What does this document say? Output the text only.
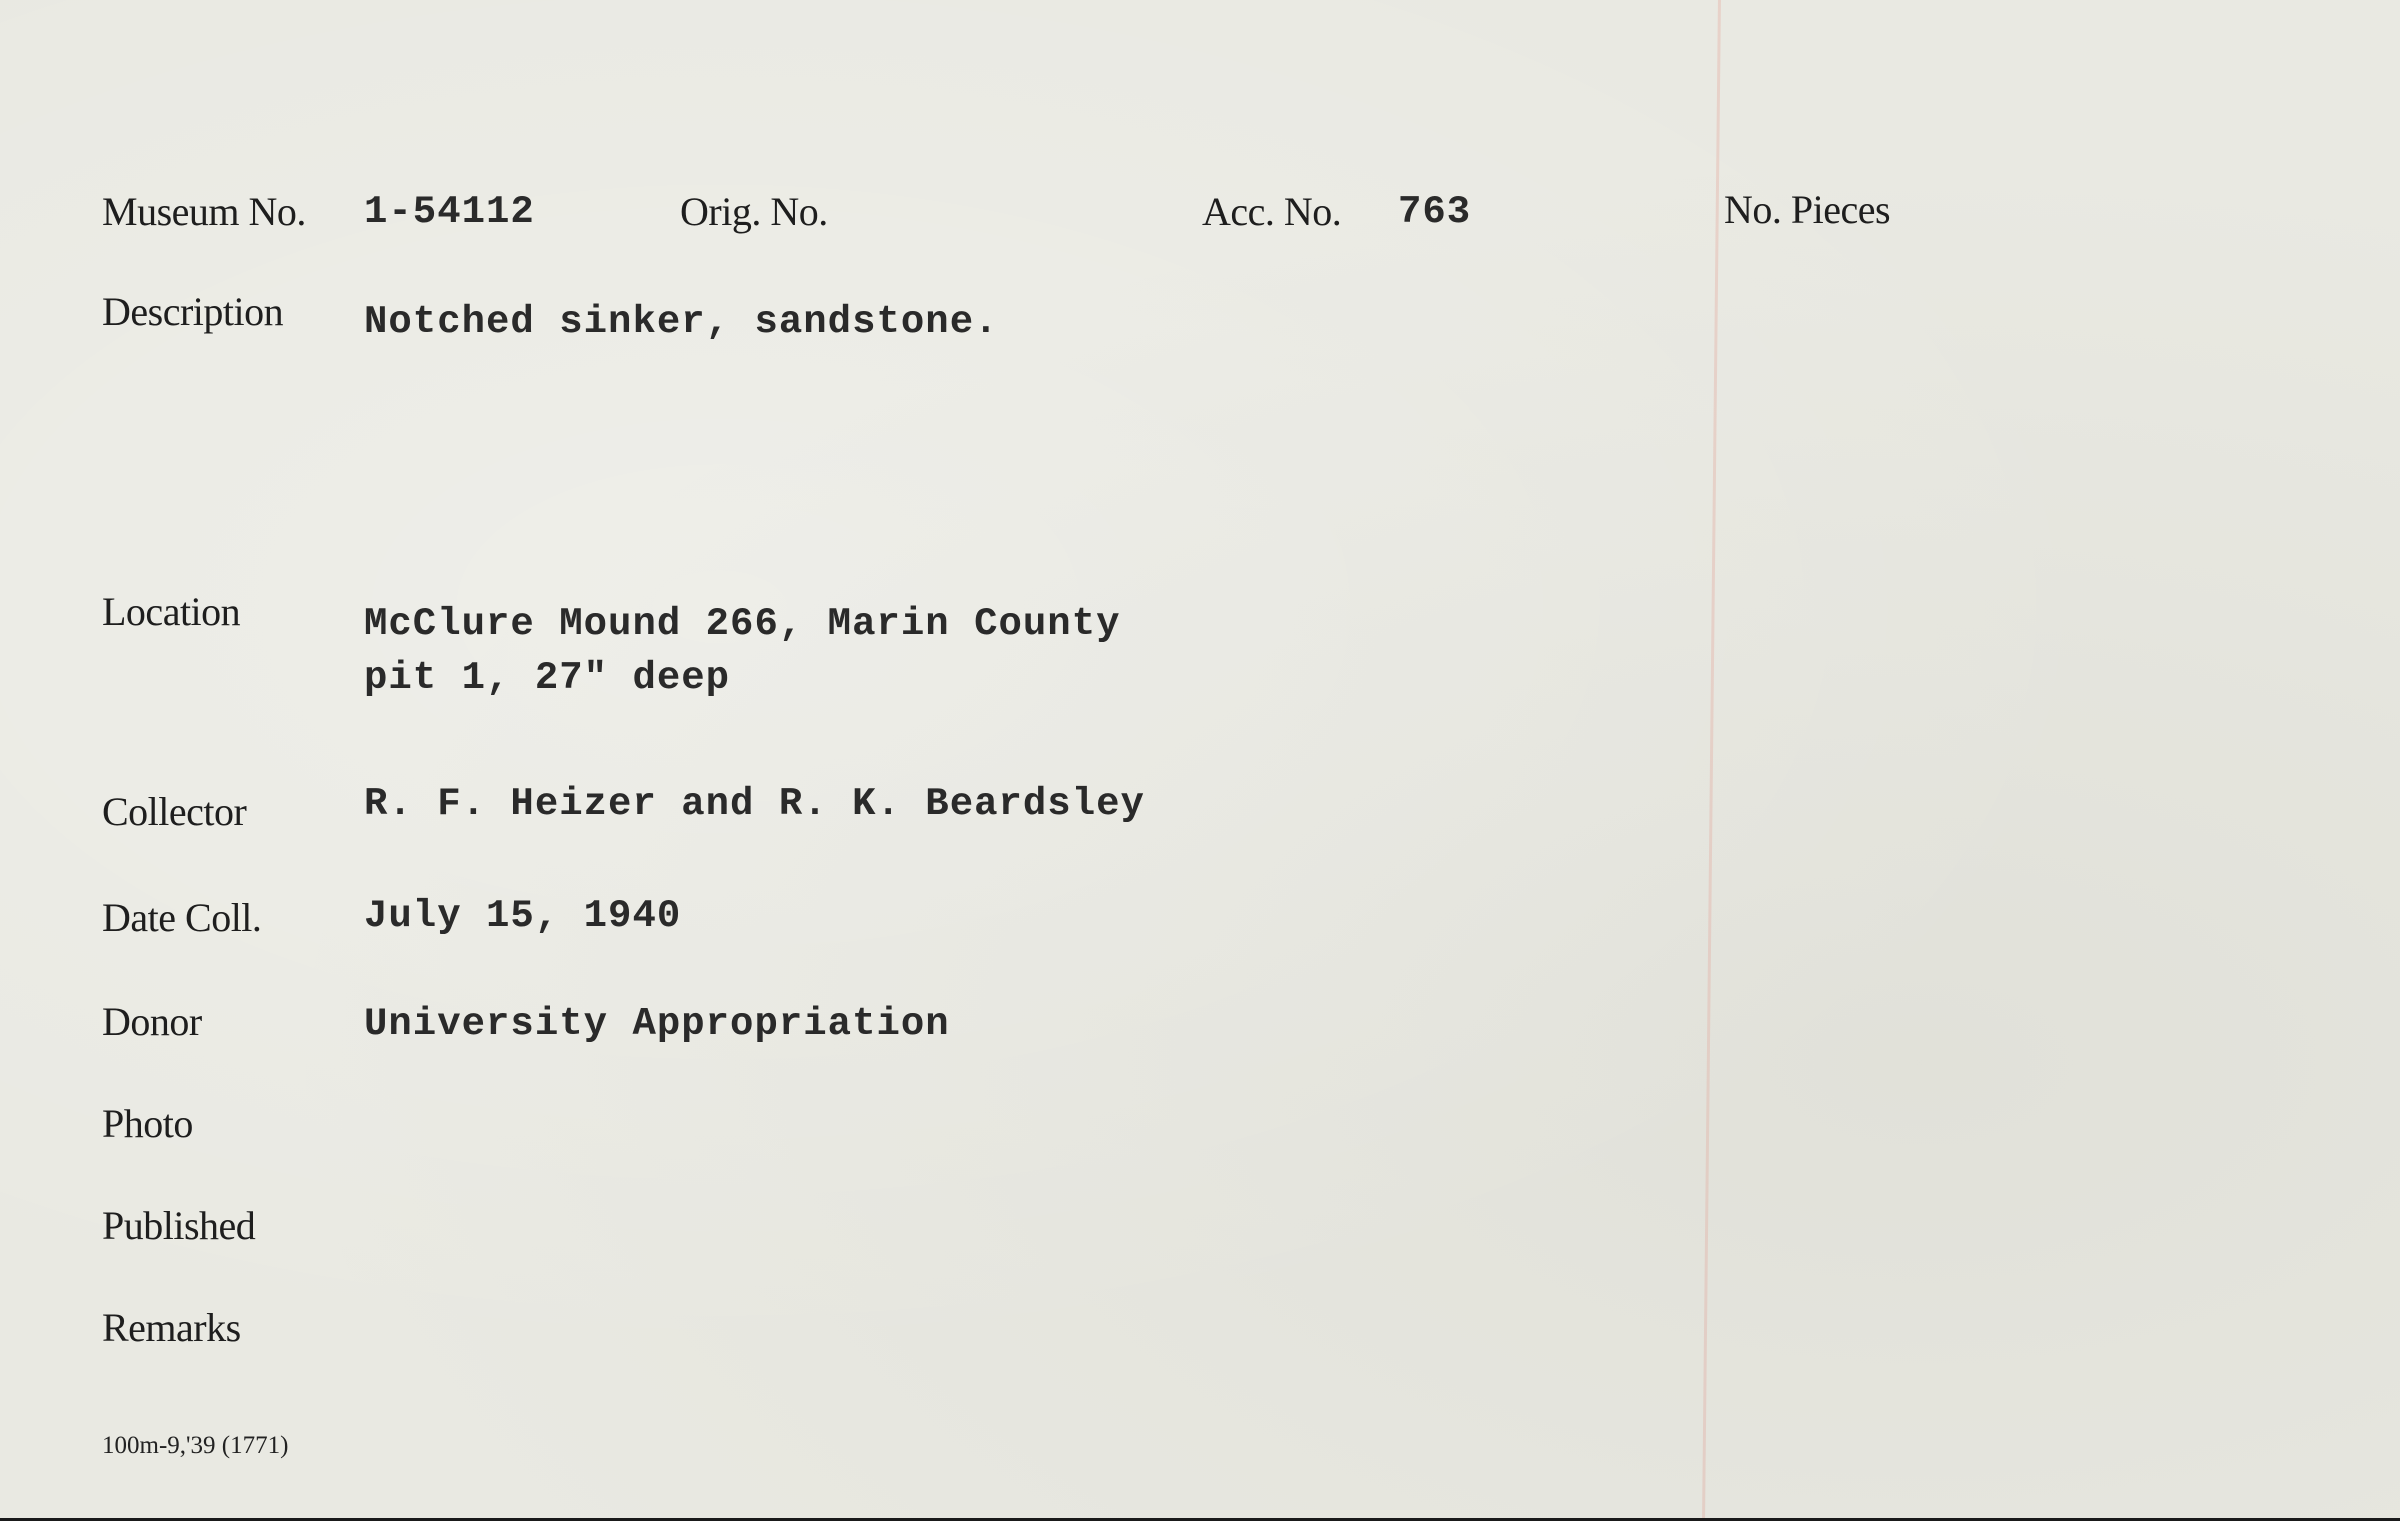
Museum No. 1-54112	Orig. No.	Acc. No. 763	No. Pieces
Description Notched sinker, sandstone.
Location	McClure Mound 266, Marin County
pit 1, 27" deep
Collector	R. F. Heizer and R. K. Beardsley
Date Coll.	July 15, 1940
Donor	University Appropriation
Photo
Published
Remarks
100m-9,'39 (1771)
